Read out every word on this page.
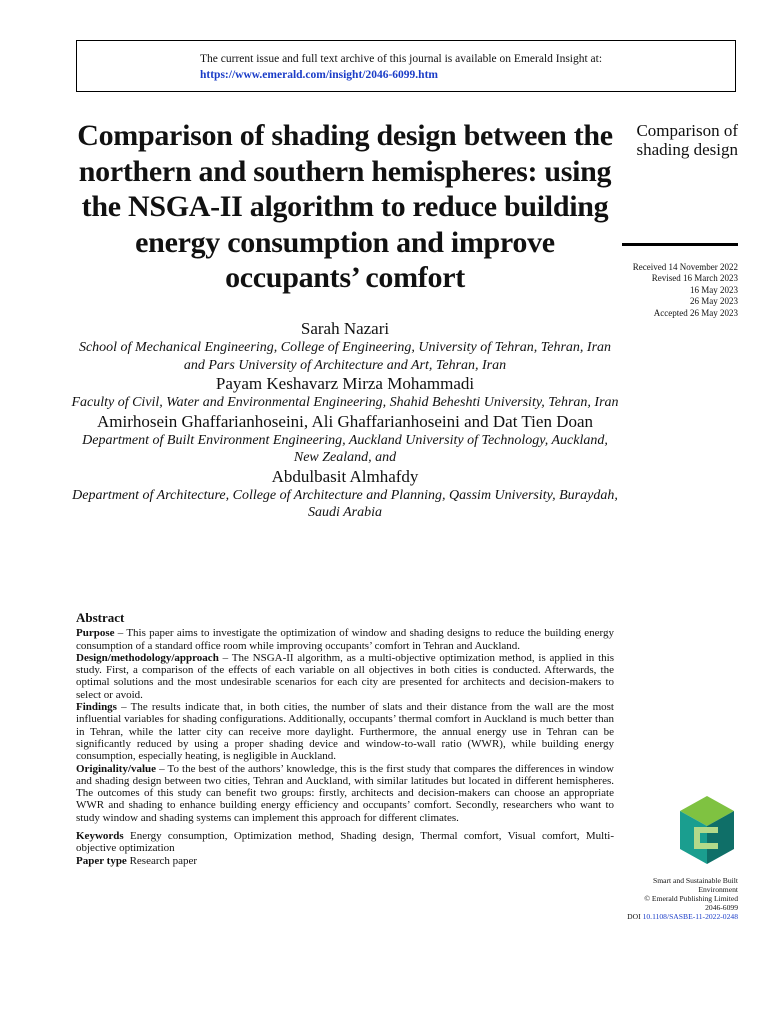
The current issue and full text archive of this journal is available on Emerald Insight at:
https://www.emerald.com/insight/2046-6099.htm
Comparison of shading design between the northern and southern hemispheres: using the NSGA-II algorithm to reduce building energy consumption and improve occupants’ comfort
Comparison of shading design
Received 14 November 2022
Revised 16 March 2023
16 May 2023
26 May 2023
Accepted 26 May 2023
Sarah Nazari
School of Mechanical Engineering, College of Engineering, University of Tehran, Tehran, Iran and Pars University of Architecture and Art, Tehran, Iran
Payam Keshavarz Mirza Mohammadi
Faculty of Civil, Water and Environmental Engineering, Shahid Beheshti University, Tehran, Iran
Amirhosein Ghaffarianhoseini, Ali Ghaffarianhoseini and Dat Tien Doan
Department of Built Environment Engineering, Auckland University of Technology, Auckland, New Zealand, and
Abdulbasit Almhafdy
Department of Architecture, College of Architecture and Planning, Qassim University, Buraydah, Saudi Arabia
Abstract

Purpose – This paper aims to investigate the optimization of window and shading designs to reduce the building energy consumption of a standard office room while improving occupants’ comfort in Tehran and Auckland.

Design/methodology/approach – The NSGA-II algorithm, as a multi-objective optimization method, is applied in this study. First, a comparison of the effects of each variable on all objectives in both cities is conducted. Afterwards, the optimal solutions and the most undesirable scenarios for each city are presented for architects and decision-makers to select or avoid.

Findings – The results indicate that, in both cities, the number of slats and their distance from the wall are the most influential variables for shading configurations. Additionally, occupants’ thermal comfort in Auckland is much better than in Tehran, while the latter city can receive more daylight. Furthermore, the annual energy use in Tehran can be significantly reduced by using a proper shading device and window-to-wall ratio (WWR), while building energy consumption, especially heating, is negligible in Auckland.

Originality/value – To the best of the authors’ knowledge, this is the first study that compares the differences in window and shading design between two cities, Tehran and Auckland, with similar latitudes but located in different hemispheres. The outcomes of this study can benefit two groups: firstly, architects and decision-makers can choose an appropriate WWR and shading to enhance building energy efficiency and occupants’ comfort. Secondly, researchers who want to study window and shading systems can implement this approach for different climates.

Keywords Energy consumption, Optimization method, Shading design, Thermal comfort, Visual comfort, Multi-objective optimization

Paper type Research paper

Smart and Sustainable Built Environment
© Emerald Publishing Limited
2046-6099
DOI 10.1108/SASBE-11-2022-0248
